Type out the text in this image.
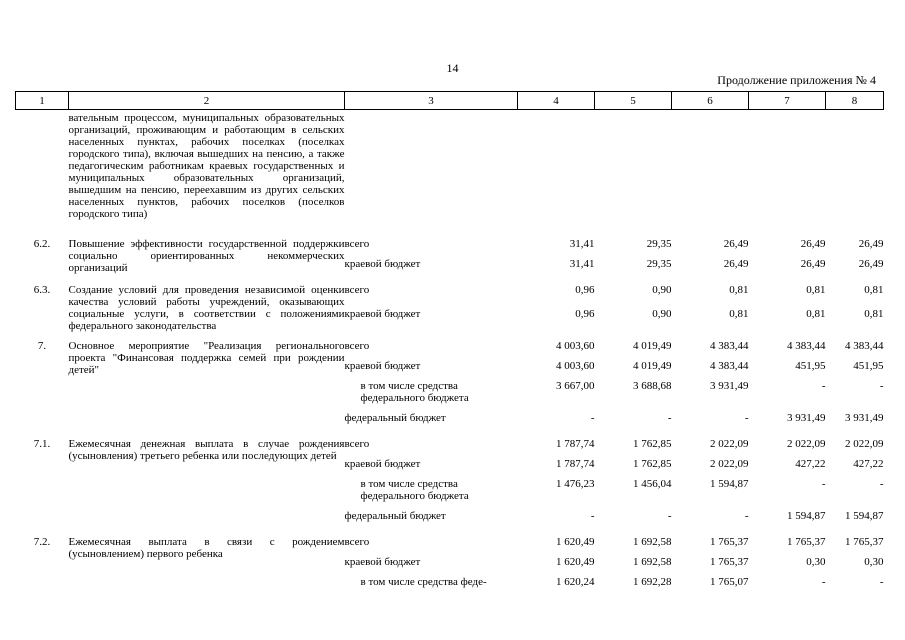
14
Продолжение приложения № 4
1	2	3	4	5	6	7	8
	вательным процессом, муниципальных образовательных организаций, проживающим и работающим в сельских населенных пунктах, рабочих поселках (поселках городского типа), включая вышедших на пенсию, а также педагогическим работникам краевых государственных и муниципальных образовательных организаций, вышедшим на пенсию, переехавшим из других сельских населенных пунктов, рабочих поселков (поселков городского типа)						
6.2.	Повышение эффективности государственной поддержки социально ориентированных некоммерческих организаций	всего	31,41	29,35	26,49	26,49	26,49
		краевой бюджет	31,41	29,35	26,49	26,49	26,49
6.3.	Создание условий для проведения независимой оценки качества условий работы учреждений, оказывающих социальные услуги, в соответствии с положениями федерального законодательства	всего	0,96	0,90	0,81	0,81	0,81
		краевой бюджет	0,96	0,90	0,81	0,81	0,81
7.	Основное мероприятие "Реализация регионального проекта "Финансовая поддержка семей при рождении детей"	всего	4 003,60	4 019,49	4 383,44	4 383,44	4 383,44
		краевой бюджет	4 003,60	4 019,49	4 383,44	451,95	451,95
		в том числе средства федерального бюджета	3 667,00	3 688,68	3 931,49	-	-
		федеральный бюджет	-	-	-	3 931,49	3 931,49
7.1.	Ежемесячная денежная выплата в случае рождения (усыновления) третьего ребенка или последующих детей	всего	1 787,74	1 762,85	2 022,09	2 022,09	2 022,09
		краевой бюджет	1 787,74	1 762,85	2 022,09	427,22	427,22
		в том числе средства федерального бюджета	1 476,23	1 456,04	1 594,87	-	-
		федеральный бюджет	-	-	-	1 594,87	1 594,87
7.2.	Ежемесячная выплата в связи с рождением (усыновлением) первого ребенка	всего	1 620,49	1 692,58	1 765,37	1 765,37	1 765,37
		краевой бюджет	1 620,49	1 692,58	1 765,37	0,30	0,30
		в том числе средства феде-	1 620,24	1 692,28	1 765,07	-	-
